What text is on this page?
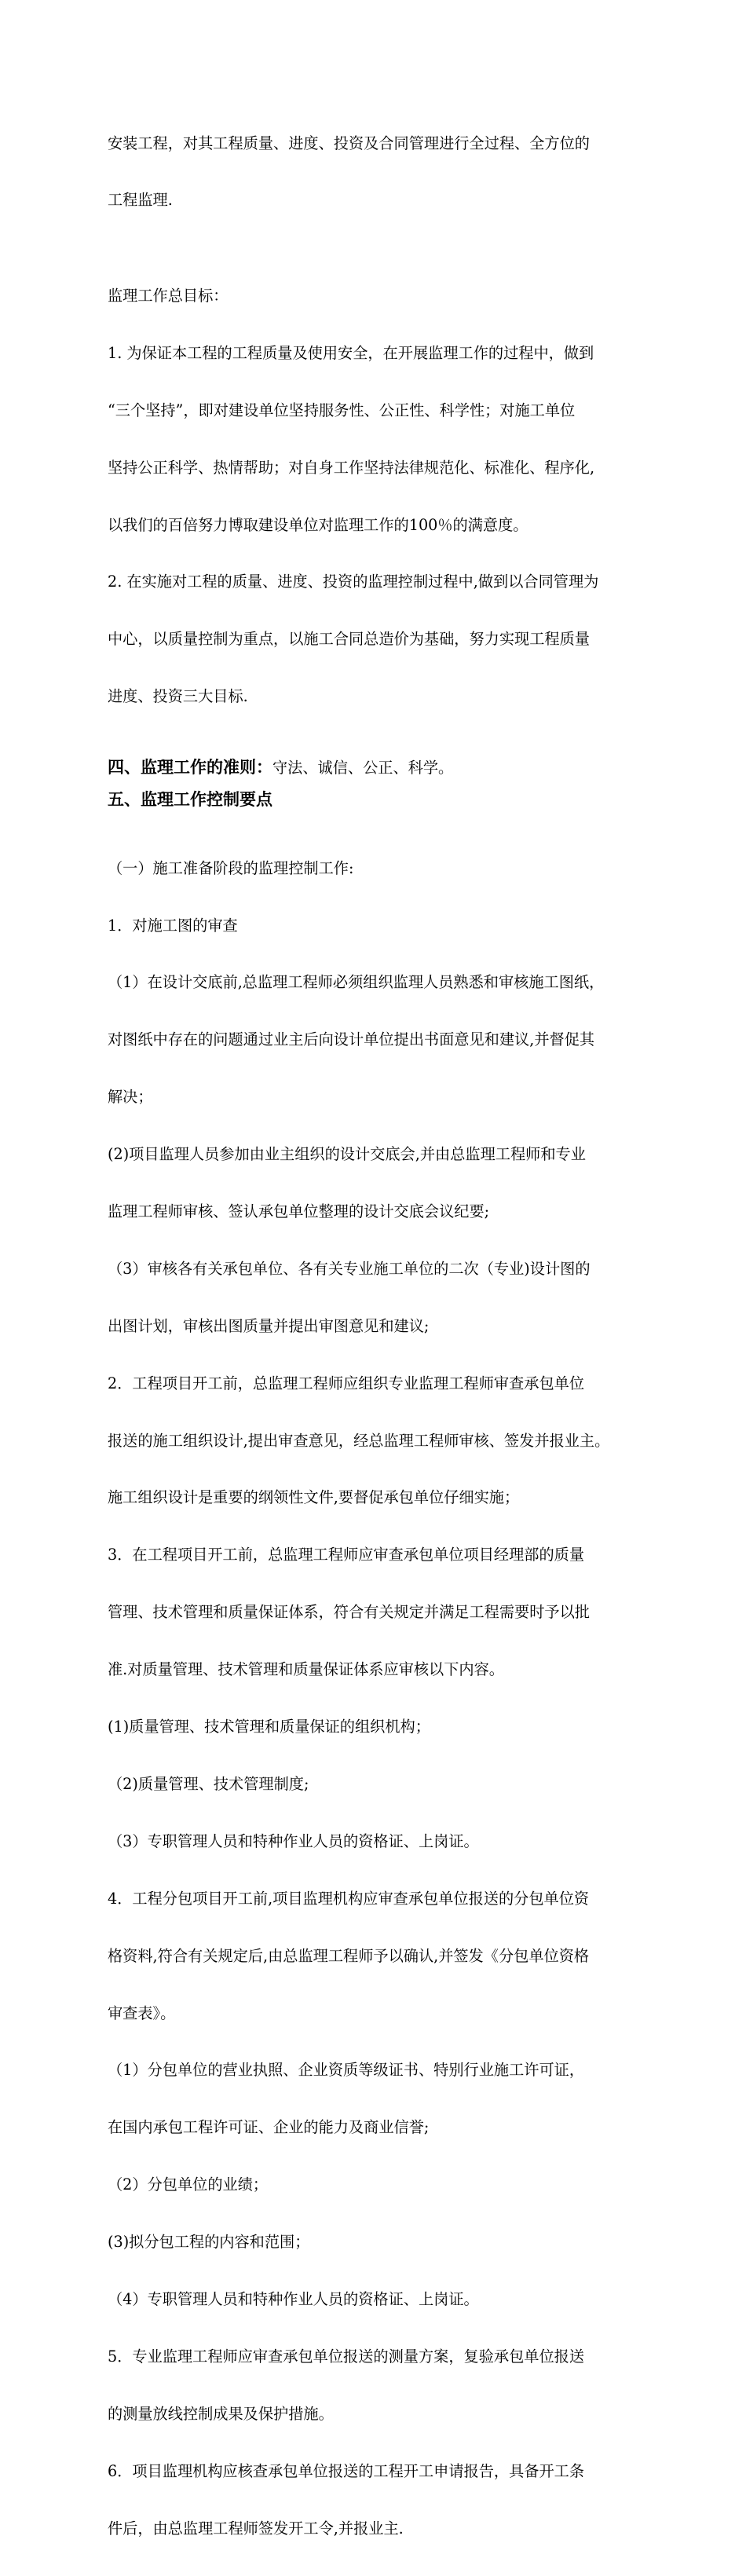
安装工程，对其工程质量、进度、投资及合同管理进行全过程、全方位的

工程监理.

监理工作总目标：

1. 为保证本工程的工程质量及使用安全，在开展监理工作的过程中，做到

“三个坚持”，即对建设单位坚持服务性、公正性、科学性；对施工单位

坚持公正科学、热情帮助；对自身工作坚持法律规范化、标准化、程序化,

以我们的百倍努力博取建设单位对监理工作的100％的满意度。

2. 在实施对工程的质量、进度、投资的监理控制过程中,做到以合同管理为

中心，以质量控制为重点，以施工合同总造价为基础，努力实现工程质量

进度、投资三大目标.

四、监理工作的准则：守法、诚信、公正、科学。
五、监理工作控制要点

（一）施工准备阶段的监理控制工作:

1．对施工图的审查

（1）在设计交底前,总监理工程师必须组织监理人员熟悉和审核施工图纸，

对图纸中存在的问题通过业主后向设计单位提出书面意见和建议,并督促其

解决；

(2)项目监理人员参加由业主组织的设计交底会,并由总监理工程师和专业

监理工程师审核、签认承包单位整理的设计交底会议纪要;

（3）审核各有关承包单位、各有关专业施工单位的二次（专业)设计图的

出图计划，审核出图质量并提出审图意见和建议;

2．工程项目开工前，总监理工程师应组织专业监理工程师审查承包单位

报送的施工组织设计,提出审查意见，经总监理工程师审核、签发并报业主。

施工组织设计是重要的纲领性文件,要督促承包单位仔细实施；

3．在工程项目开工前，总监理工程师应审查承包单位项目经理部的质量

管理、技术管理和质量保证体系，符合有关规定并满足工程需要时予以批

准.对质量管理、技术管理和质量保证体系应审核以下内容。

(1)质量管理、技术管理和质量保证的组织机构；

（2)质量管理、技术管理制度;

（3）专职管理人员和特种作业人员的资格证、上岗证。

4．工程分包项目开工前,项目监理机构应审查承包单位报送的分包单位资

格资料,符合有关规定后,由总监理工程师予以确认,并签发《分包单位资格

审查表》。

（1）分包单位的营业执照、企业资质等级证书、特别行业施工许可证，

在国内承包工程许可证、企业的能力及商业信誉;

（2）分包单位的业绩；

(3)拟分包工程的内容和范围；

（4）专职管理人员和特种作业人员的资格证、上岗证。

5．专业监理工程师应审查承包单位报送的测量方案，复验承包单位报送

的测量放线控制成果及保护措施。

6．项目监理机构应核查承包单位报送的工程开工申请报告，具备开工条

件后，由总监理工程师签发开工令,并报业主.
